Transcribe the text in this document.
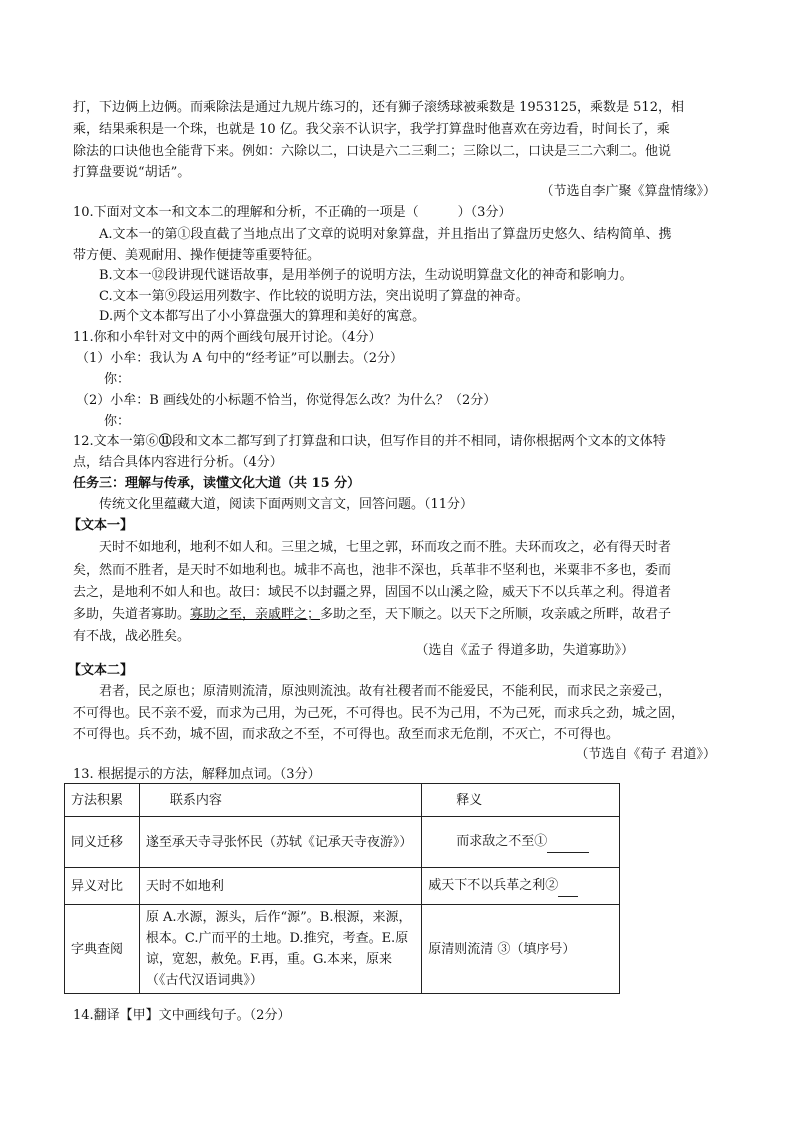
打，下边俩上边俩。而乘除法是通过九规片练习的，还有狮子滚绣球被乘数是 1953125，乘数是 512，相
乘，结果乘积是一个珠，也就是 10 亿。我父亲不认识字，我学打算盘时他喜欢在旁边看，时间长了，乘
除法的口诀他也全能背下来。例如：六除以二，口诀是六二三剩二；三除以二，口诀是三二六剩二。他说
打算盘要说“胡话”。
（节选自李广聚《算盘情缘》）
10.下面对文本一和文本二的理解和分析，不正确的一项是（　　　）（3分）
A.文本一的第①段直截了当地点出了文章的说明对象算盘，并且指出了算盘历史悠久、结构简单、携
带方便、美观耐用、操作便捷等重要特征。
B.文本一⑫段讲现代谜语故事，是用举例子的说明方法，生动说明算盘文化的神奇和影响力。
C.文本一第⑨段运用列数字、作比较的说明方法，突出说明了算盘的神奇。
D.两个文本都写出了小小算盘强大的算理和美好的寓意。
11.你和小牟针对文中的两个画线句展开讨论。（4分）
（1）小牟：我认为 A 句中的“经考证”可以删去。（2分）
你：
（2）小牟：B 画线处的小标题不恰当，你觉得怎么改？为什么？（2分）
你：
12.文本一第⑥⑪段和文本二都写到了打算盘和口诀，但写作目的并不相同，请你根据两个文本的文体特
点，结合具体内容进行分析。（4分）
任务三：理解与传承，读懂文化大道（共 15 分）
传统文化里蕴藏大道，阅读下面两则文言文，回答问题。（11分）
【文本一】
天时不如地利，地利不如人和。三里之城，七里之郭，环而攻之而不胜。夫环而攻之，必有得天时者
矣，然而不胜者，是天时不如地利也。城非不高也，池非不深也，兵革非不坚利也，米粟非不多也，委而
去之，是地利不如人和也。故曰：域民不以封疆之界，固国不以山溪之险，威天下不以兵革之利。得道者
多助，失道者寡助。寡助之至，亲戚畔之；多助之至，天下顺之。以天下之所顺，攻亲戚之所畔，故君子
有不战，战必胜矣。
（选自《孟子 得道多助，失道寡助》）
【文本二】
君者，民之原也；原清则流清，原浊则流浊。故有社稷者而不能爱民，不能利民，而求民之亲爱己，
不可得也。民不亲不爱，而求为己用，为己死，不可得也。民不为己用，不为己死，而求兵之劲，城之固，
不可得也。兵不劲，城不固，而求敌之不至，不可得也。敌至而求无危削，不灭亡，不可得也。
（节选自《荀子 君道》）
13. 根据提示的方法，解释加点词。（3分）
方法积累	联系内容	释义
同义迁移	遂至承天寺寻张怀民（苏轼《记承天寺夜游》）	而求敌之不至①
异义对比	天时不如地利	威天下不以兵革之利②
字典查阅	原 A.水源，源头，后作“源”。B.根源，来源，根本。C.广而平的土地。D.推究，考查。E.原谅，宽恕，赦免。F.再，重。G.本来，原来（《古代汉语词典》）	原清则流清 ③（填序号）
14.翻译【甲】文中画线句子。（2分）
